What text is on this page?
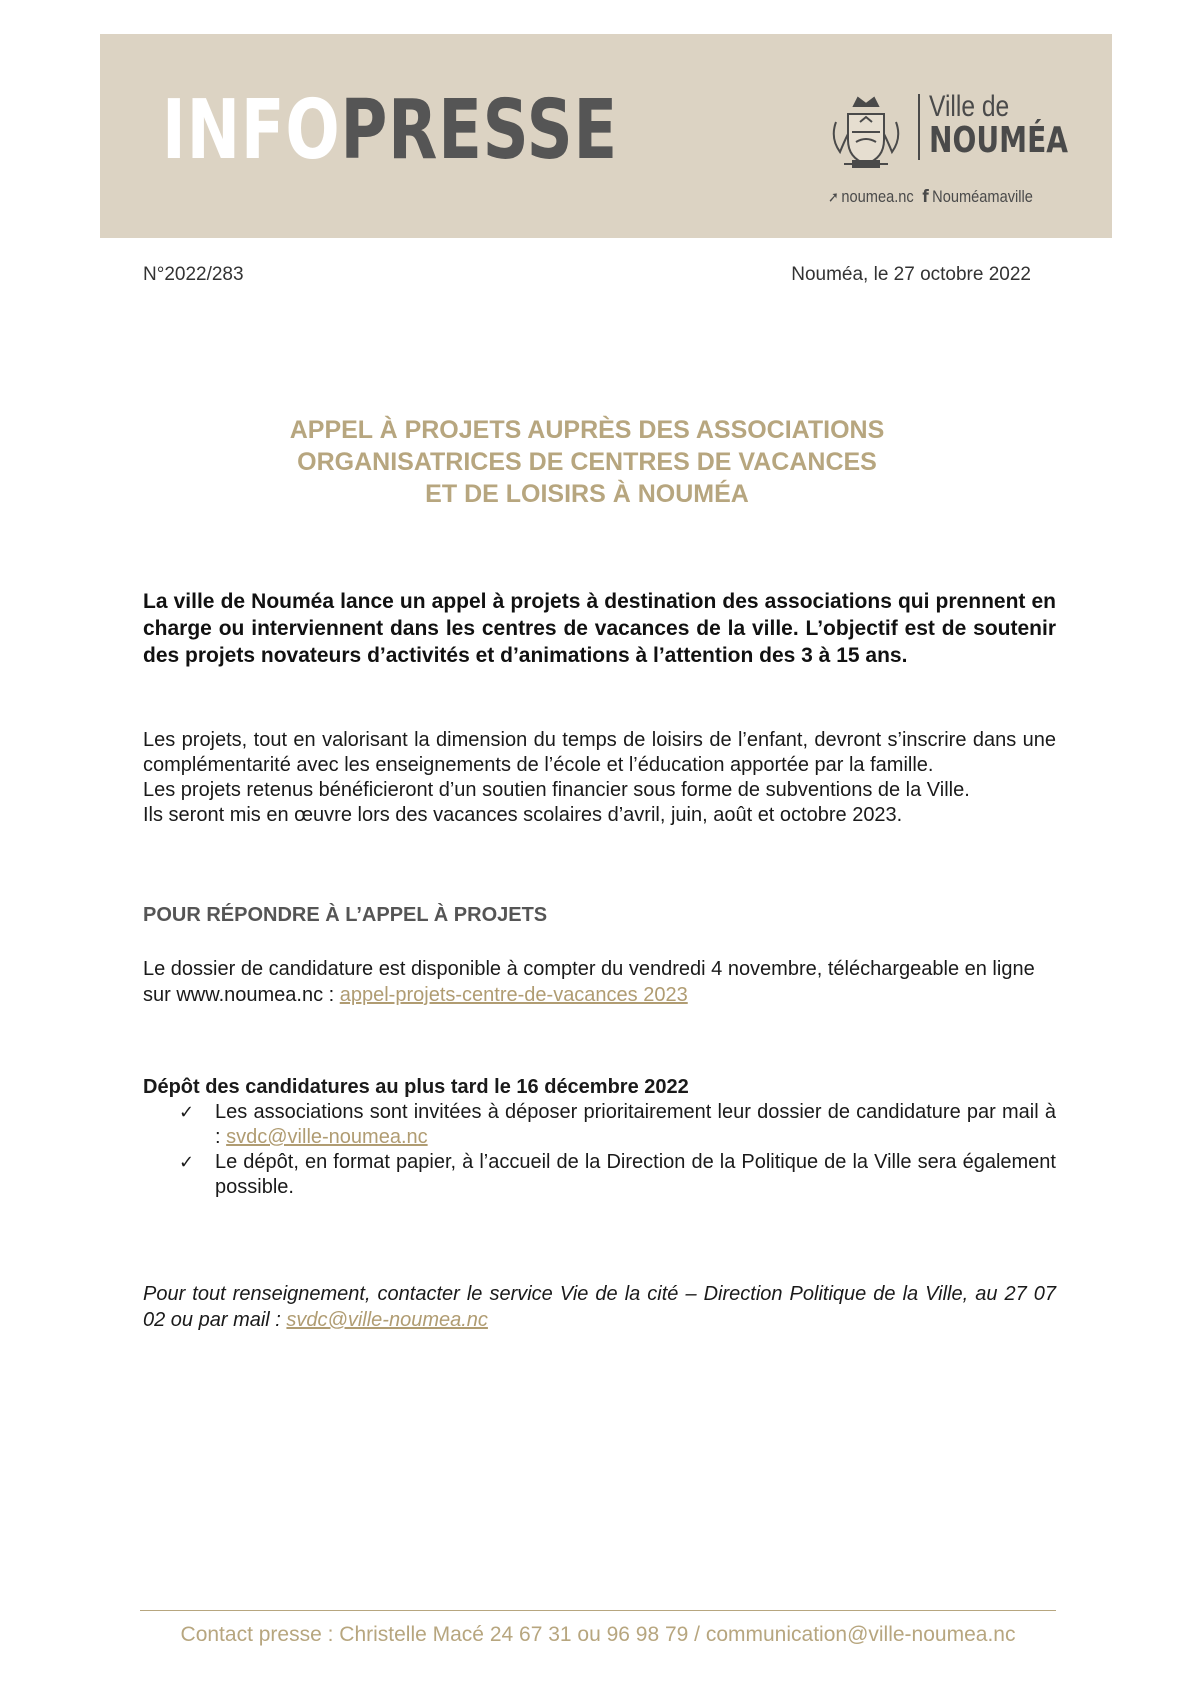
INFOPRESSE	Ville de
NOUMÉA
➚ noumea.nc f Nouméamaville
N°2022/283	Nouméa, le 27 octobre 2022
APPEL À PROJETS AUPRÈS DES ASSOCIATIONS
ORGANISATRICES DE CENTRES DE VACANCES
ET DE LOISIRS À NOUMÉA

La ville de Nouméa lance un appel à projets à destination des associations qui prennent en charge ou interviennent dans les centres de vacances de la ville. L’objectif est de soutenir des projets novateurs d’activités et d’animations à l’attention des 3 à 15 ans.

Les projets, tout en valorisant la dimension du temps de loisirs de l’enfant, devront s’inscrire dans une complémentarité avec les enseignements de l’école et l’éducation apportée par la famille.

Les projets retenus bénéficieront d’un soutien financier sous forme de subventions de la Ville.

Ils seront mis en œuvre lors des vacances scolaires d’avril, juin, août et octobre 2023.

POUR RÉPONDRE À L’APPEL À PROJETS

Le dossier de candidature est disponible à compter du vendredi 4 novembre, téléchargeable en ligne sur www.noumea.nc : appel-projets-centre-de-vacances 2023

Dépôt des candidatures au plus tard le 16 décembre 2022
✓ Les associations sont invitées à déposer prioritairement leur dossier de candidature par mail à : svdc@ville-noumea.nc
✓ Le dépôt, en format papier, à l’accueil de la Direction de la Politique de la Ville sera également possible.

Pour tout renseignement, contacter le service Vie de la cité – Direction Politique de la Ville, au 27 07 02 ou par mail : svdc@ville-noumea.nc

Contact presse : Christelle Macé 24 67 31 ou 96 98 79 / communication@ville-noumea.nc
